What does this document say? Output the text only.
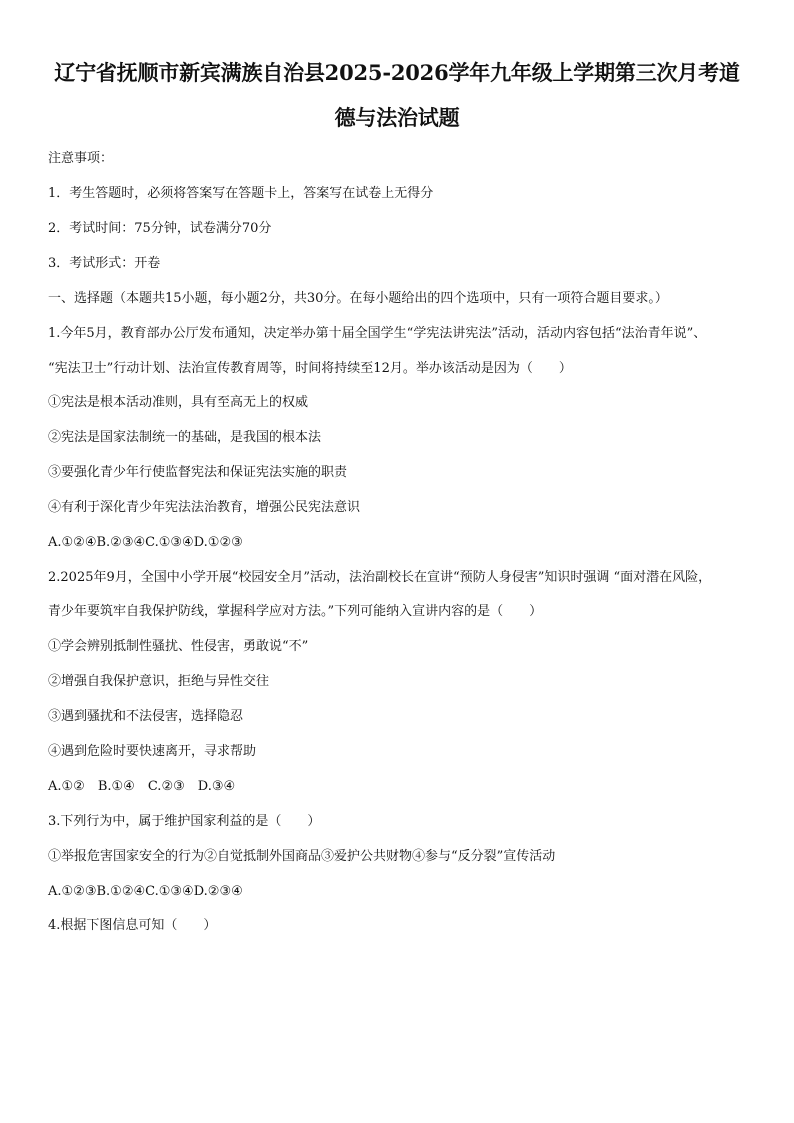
辽宁省抚顺市新宾满族自治县2025-2026学年九年级上学期第三次月考道
德与法治试题
注意事项：
1．考生答题时，必须将答案写在答题卡上，答案写在试卷上无得分
2．考试时间：75分钟，试卷满分70分
3．考试形式：开卷
一、选择题（本题共15小题，每小题2分，共30分。在每小题给出的四个选项中，只有一项符合题目要求。）
1.今年5月，教育部办公厅发布通知，决定举办第十届全国学生“学宪法讲宪法”活动，活动内容包括“法治青年说”、
“宪法卫士”行动计划、法治宣传教育周等，时间将持续至12月。举办该活动是因为（　　）
①宪法是根本活动准则，具有至高无上的权威
②宪法是国家法制统一的基础，是我国的根本法
③要强化青少年行使监督宪法和保证宪法实施的职责
④有利于深化青少年宪法法治教育，增强公民宪法意识
A.①②④B.②③④C.①③④D.①②③
2.2025年9月，全国中小学开展“校园安全月”活动，法治副校长在宣讲“预防人身侵害”知识时强调 “面对潜在风险，
青少年要筑牢自我保护防线，掌握科学应对方法。”下列可能纳入宣讲内容的是（　　）
①学会辨别抵制性骚扰、性侵害，勇敢说“不”
②增强自我保护意识，拒绝与异性交往
③遇到骚扰和不法侵害，选择隐忍
④遇到危险时要快速离开，寻求帮助
A.①②　B.①④　C.②③　D.③④
3.下列行为中，属于维护国家利益的是（　　）
①举报危害国家安全的行为②自觉抵制外国商品③爱护公共财物④参与“反分裂”宣传活动
A.①②③B.①②④C.①③④D.②③④
4.根据下图信息可知（　　）
